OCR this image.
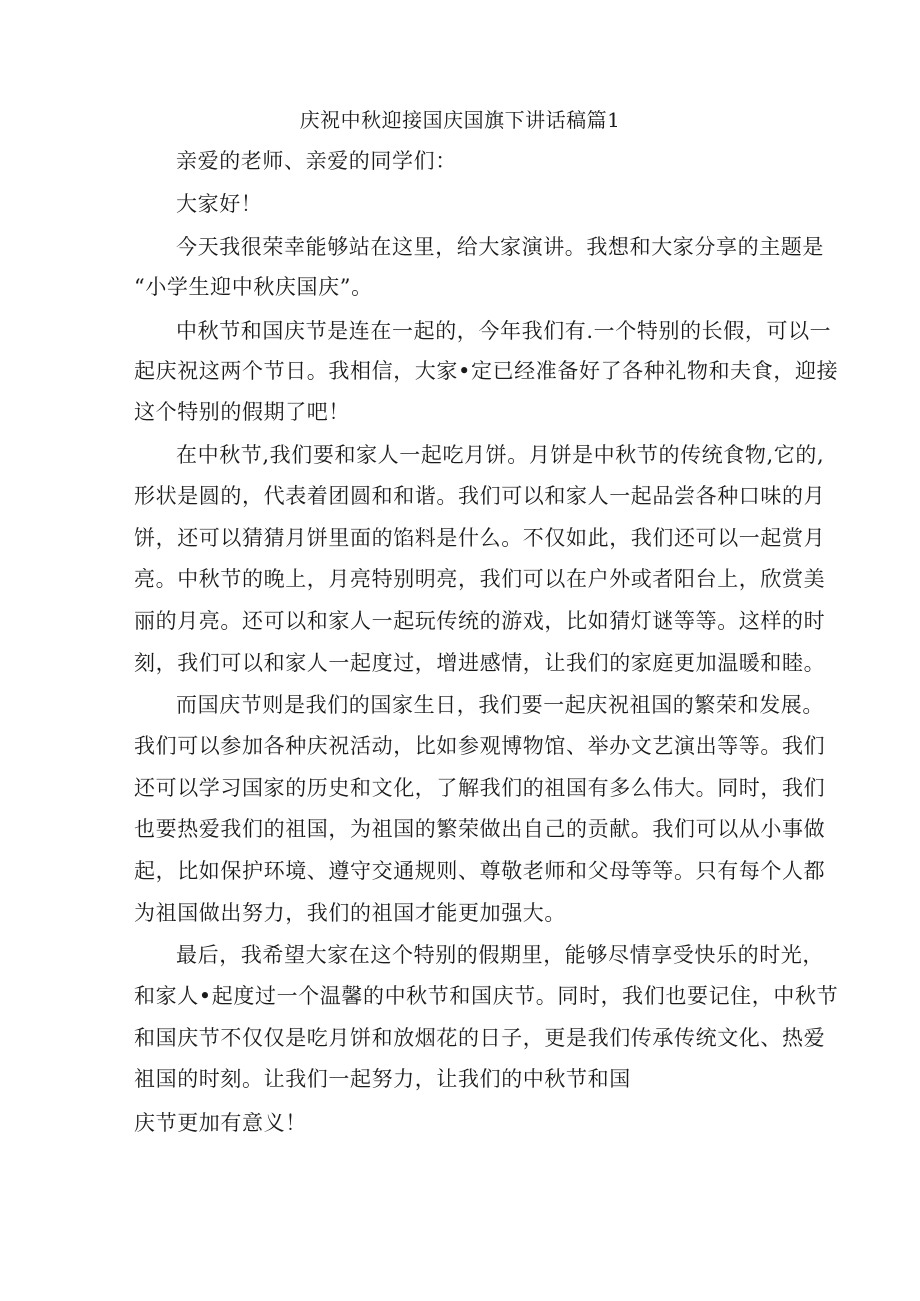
庆祝中秋迎接国庆国旗下讲话稿篇1
亲爱的老师、亲爱的同学们：
大家好！
今天我很荣幸能够站在这里，给大家演讲。我想和大家分享的主题是
“小学生迎中秋庆国庆”。
中秋节和国庆节是连在一起的，今年我们有.一个特别的长假，可以一
起庆祝这两个节日。我相信，大家•定已经准备好了各种礼物和夫食，迎接
这个特别的假期了吧！
在中秋节,我们要和家人一起吃月饼。月饼是中秋节的传统食物,它的,
形状是圆的，代表着团圆和和谐。我们可以和家人一起品尝各种口味的月
饼，还可以猜猜月饼里面的馅料是什么。不仅如此，我们还可以一起赏月
亮。中秋节的晚上，月亮特别明亮，我们可以在户外或者阳台上，欣赏美
丽的月亮。还可以和家人一起玩传统的游戏，比如猜灯谜等等。这样的时
刻，我们可以和家人一起度过，增进感情，让我们的家庭更加温暖和睦。
而国庆节则是我们的国家生日，我们要一起庆祝祖国的繁荣和发展。
我们可以参加各种庆祝活动，比如参观博物馆、举办文艺演出等等。我们
还可以学习国家的历史和文化，了解我们的祖国有多么伟大。同时，我们
也要热爱我们的祖国，为祖国的繁荣做出自己的贡献。我们可以从小事做
起，比如保护环境、遵守交通规则、尊敬老师和父母等等。只有每个人都
为祖国做出努力，我们的祖国才能更加强大。
最后，我希望大家在这个特别的假期里，能够尽情享受快乐的时光，
和家人•起度过一个温馨的中秋节和国庆节。同时，我们也要记住，中秋节
和国庆节不仅仅是吃月饼和放烟花的日子，更是我们传承传统文化、热爱
祖国的时刻。让我们一起努力，让我们的中秋节和国
庆节更加有意义！
